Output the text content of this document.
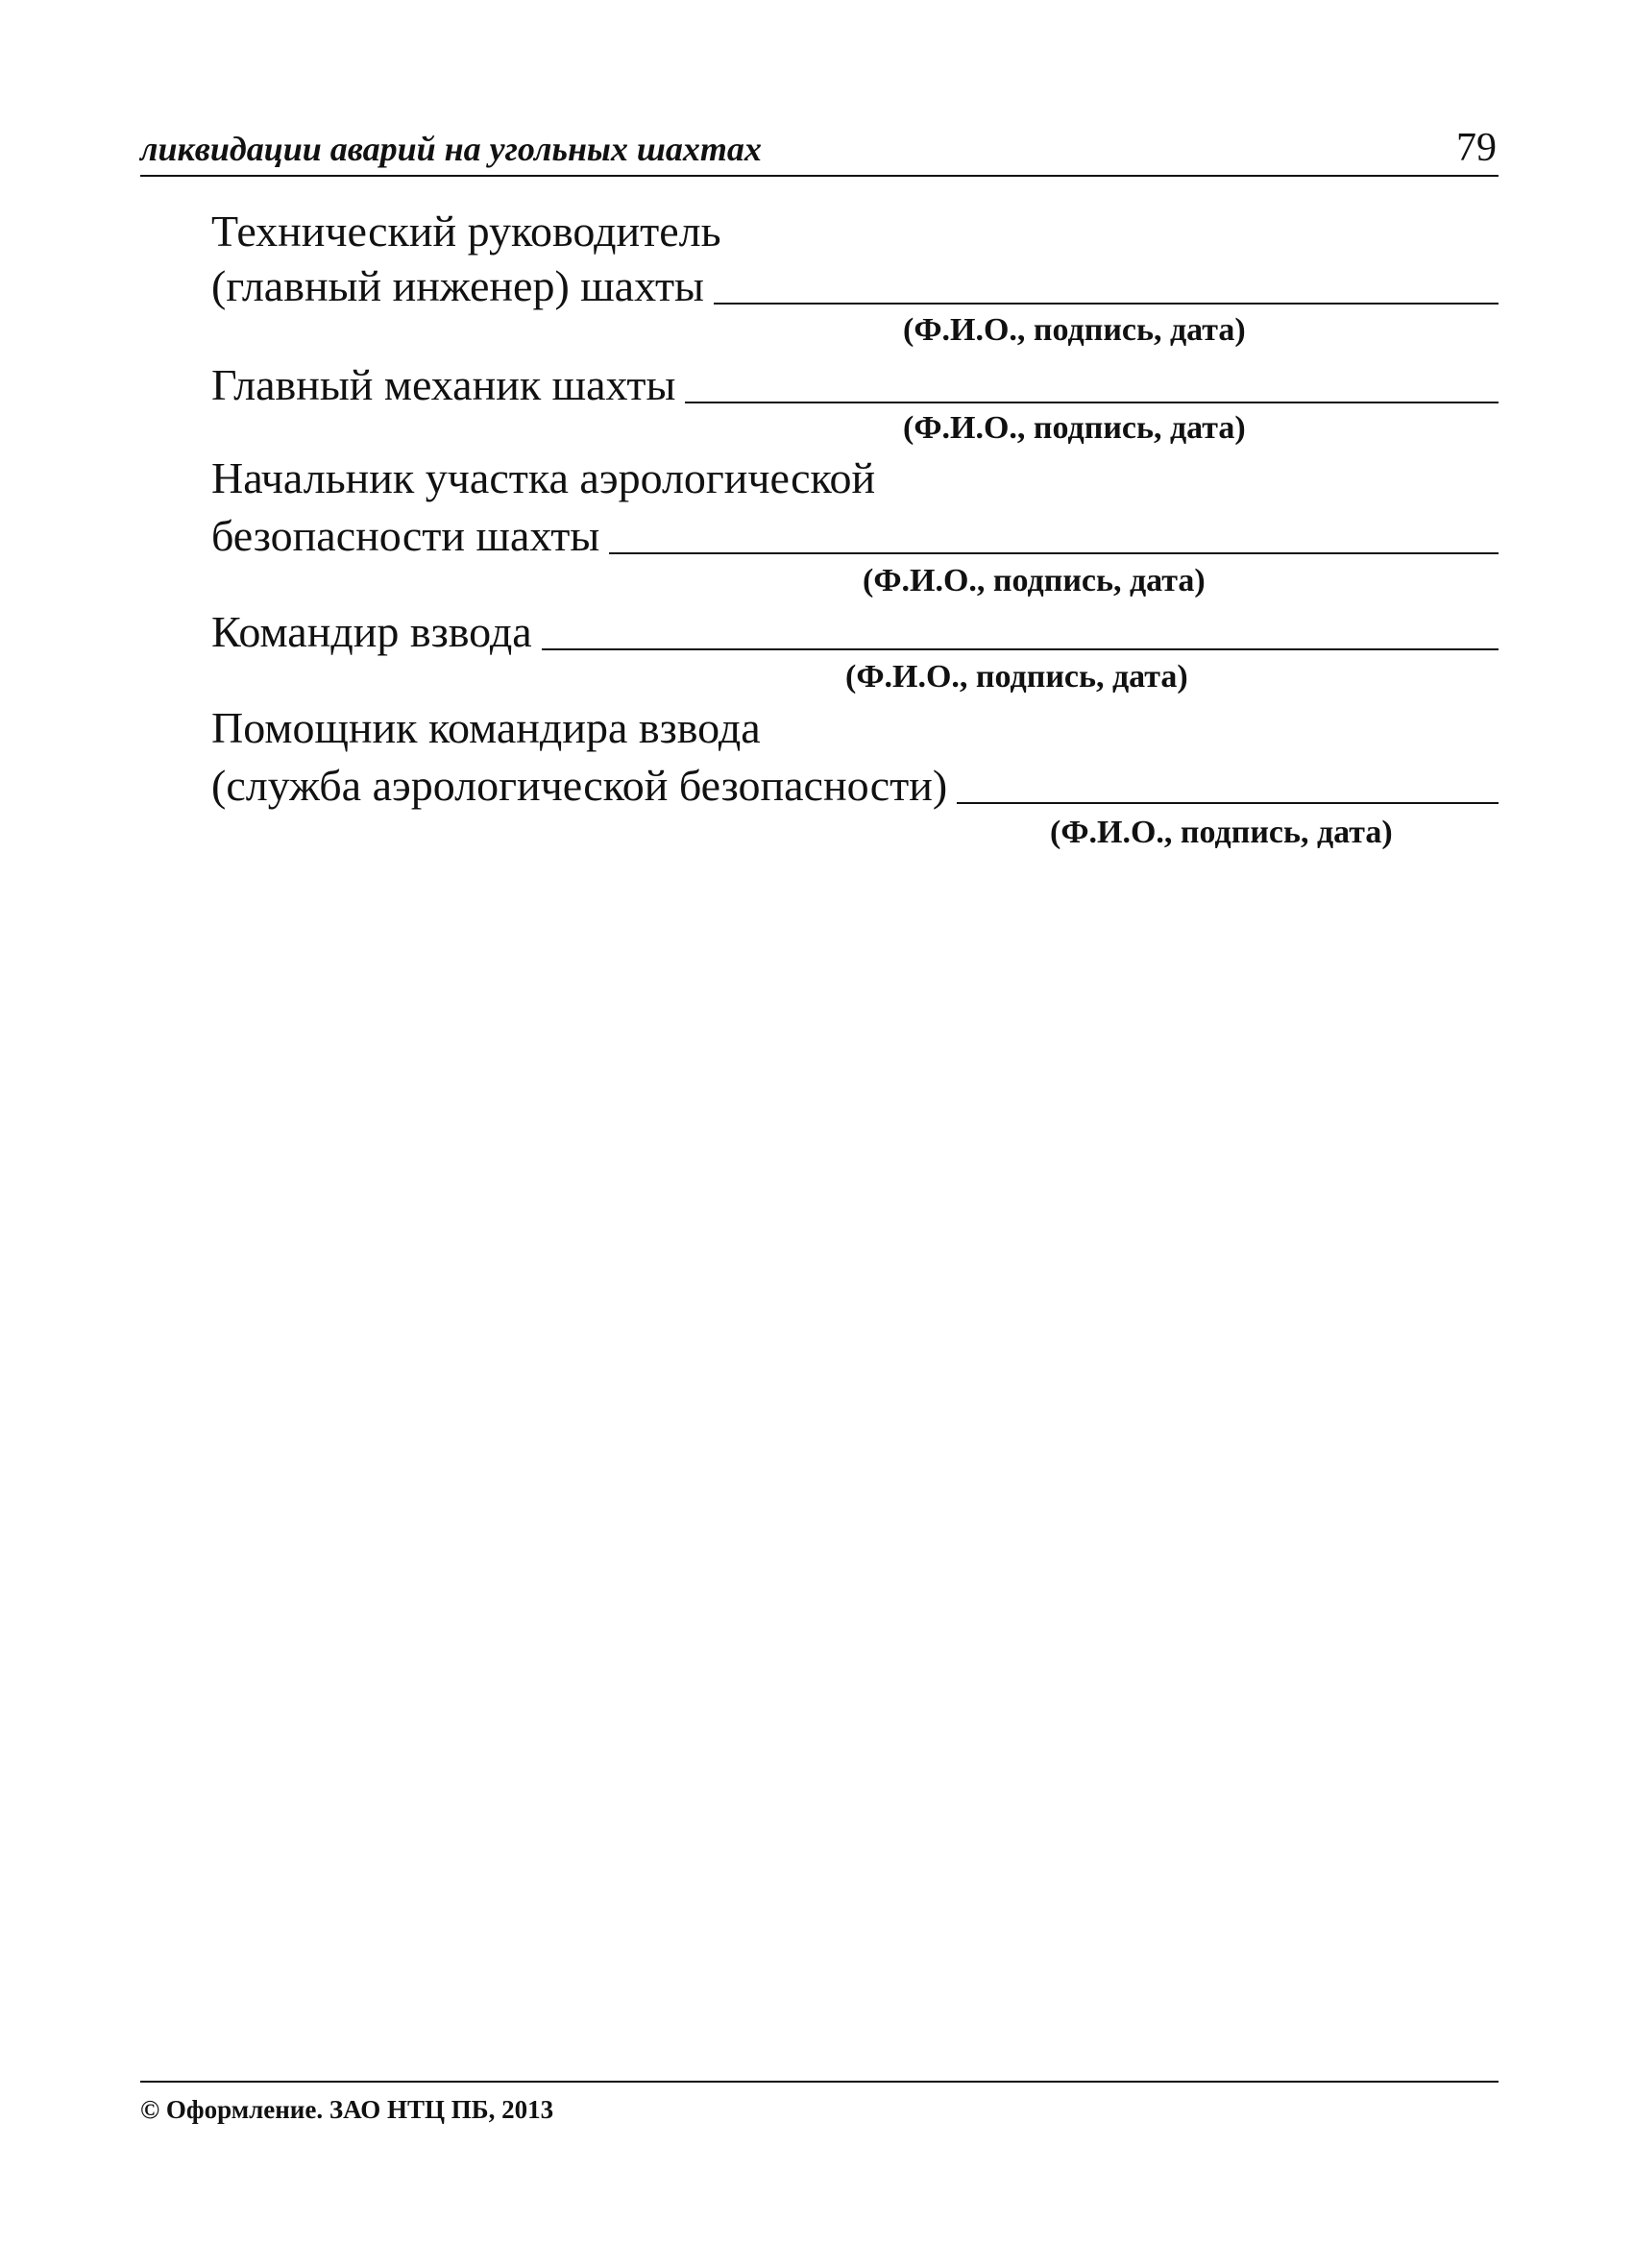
ликвидации аварий на угольных шахтах	79
Технический руководитель
(главный инженер) шахты
(Ф.И.О., подпись, дата)
Главный механик шахты
(Ф.И.О., подпись, дата)
Начальник участка аэрологической
безопасности шахты
(Ф.И.О., подпись, дата)
Командир взвода
(Ф.И.О., подпись, дата)
Помощник командира взвода
(служба аэрологической безопасности)
(Ф.И.О., подпись, дата)
© Оформление. ЗАО НТЦ ПБ, 2013
